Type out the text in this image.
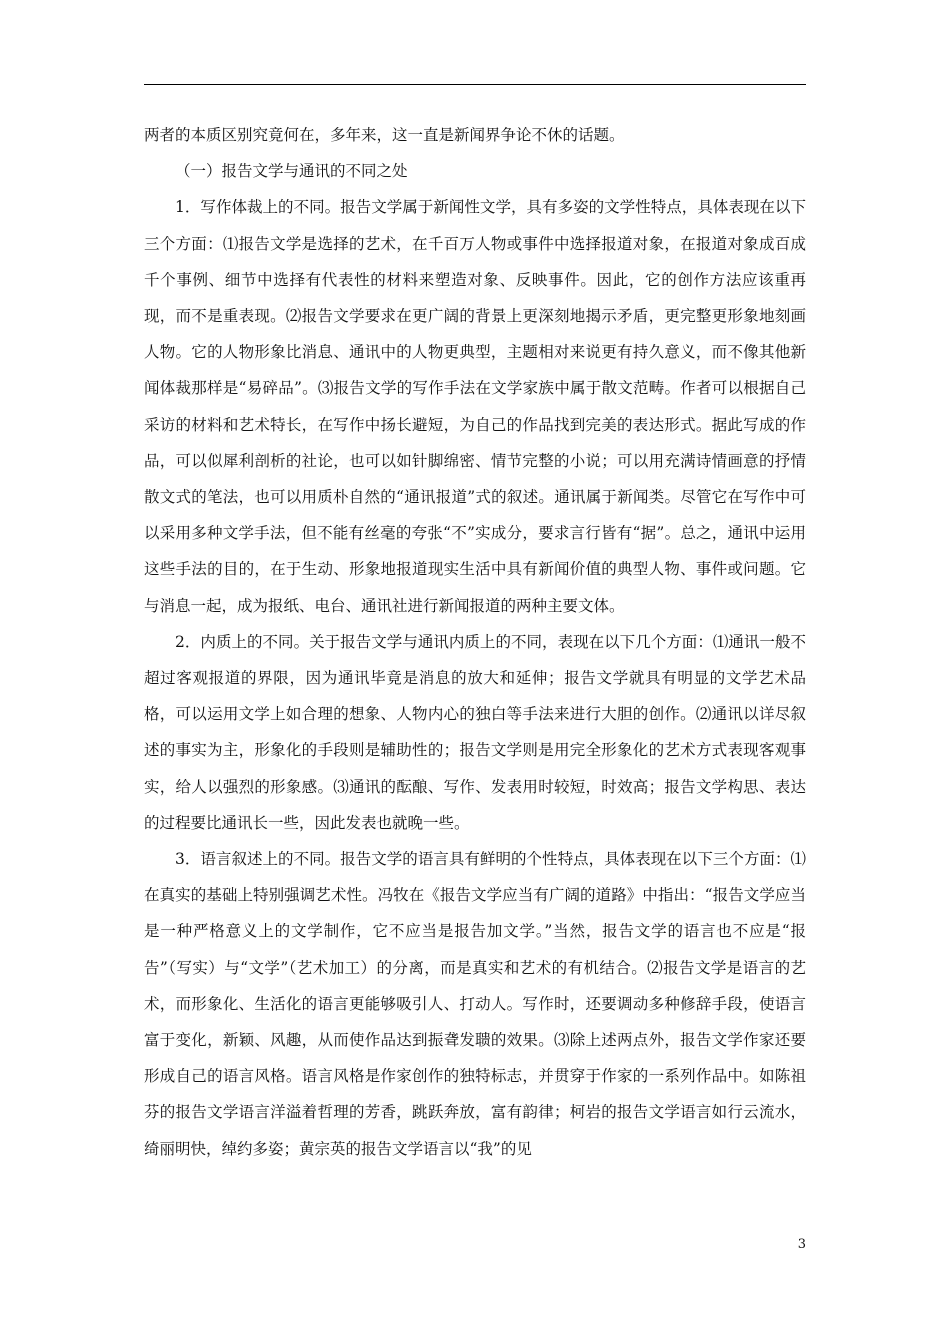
两者的本质区别究竟何在，多年来，这一直是新闻界争论不休的话题。

（一）报告文学与通讯的不同之处

1．写作体裁上的不同。报告文学属于新闻性文学，具有多姿的文学性特点，具体表现在以下三个方面：⑴报告文学是选择的艺术，在千百万人物或事件中选择报道对象，在报道对象成百成千个事例、细节中选择有代表性的材料来塑造对象、反映事件。因此，它的创作方法应该重再现，而不是重表现。⑵报告文学要求在更广阔的背景上更深刻地揭示矛盾，更完整更形象地刻画人物。它的人物形象比消息、通讯中的人物更典型，主题相对来说更有持久意义，而不像其他新闻体裁那样是“易碎品”。⑶报告文学的写作手法在文学家族中属于散文范畴。作者可以根据自己采访的材料和艺术特长，在写作中扬长避短，为自己的作品找到完美的表达形式。据此写成的作品，可以似犀利剖析的社论，也可以如针脚绵密、情节完整的小说；可以用充满诗情画意的抒情散文式的笔法，也可以用质朴自然的“通讯报道”式的叙述。通讯属于新闻类。尽管它在写作中可以采用多种文学手法，但不能有丝毫的夸张“不”实成分，要求言行皆有“据”。总之，通讯中运用这些手法的目的，在于生动、形象地报道现实生活中具有新闻价值的典型人物、事件或问题。它与消息一起，成为报纸、电台、通讯社进行新闻报道的两种主要文体。

2．内质上的不同。关于报告文学与通讯内质上的不同，表现在以下几个方面：⑴通讯一般不超过客观报道的界限，因为通讯毕竟是消息的放大和延伸；报告文学就具有明显的文学艺术品格，可以运用文学上如合理的想象、人物内心的独白等手法来进行大胆的创作。⑵通讯以详尽叙述的事实为主，形象化的手段则是辅助性的；报告文学则是用完全形象化的艺术方式表现客观事实，给人以强烈的形象感。⑶通讯的酝酿、写作、发表用时较短，时效高；报告文学构思、表达的过程要比通讯长一些，因此发表也就晚一些。

3．语言叙述上的不同。报告文学的语言具有鲜明的个性特点，具体表现在以下三个方面：⑴在真实的基础上特别强调艺术性。冯牧在《报告文学应当有广阔的道路》中指出：“报告文学应当是一种严格意义上的文学制作，它不应当是报告加文学。”当然，报告文学的语言也不应是“报告”（写实）与“文学”（艺术加工）的分离，而是真实和艺术的有机结合。⑵报告文学是语言的艺术，而形象化、生活化的语言更能够吸引人、打动人。写作时，还要调动多种修辞手段，使语言富于变化，新颖、风趣，从而使作品达到振聋发聩的效果。⑶除上述两点外，报告文学作家还要形成自己的语言风格。语言风格是作家创作的独特标志，并贯穿于作家的一系列作品中。如陈祖芬的报告文学语言洋溢着哲理的芳香，跳跃奔放，富有韵律；柯岩的报告文学语言如行云流水，绮丽明快，绰约多姿；黄宗英的报告文学语言以“我”的见

3
